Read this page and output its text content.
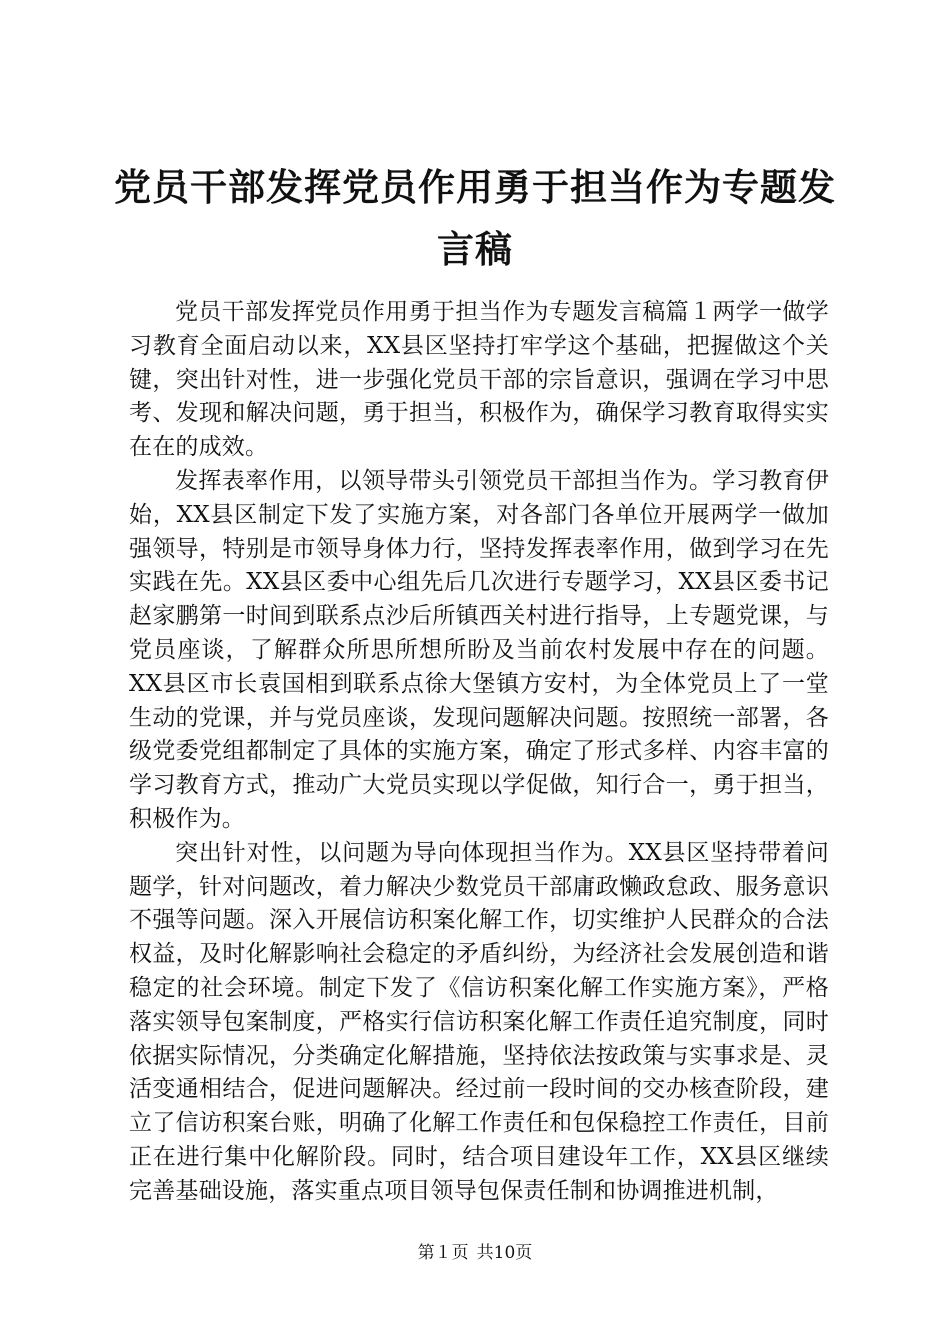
党员干部发挥党员作用勇于担当作为专题发言稿

党员干部发挥党员作用勇于担当作为专题发言稿篇１两学一做学习教育全面启动以来，XX县区坚持打牢学这个基础，把握做这个关键，突出针对性，进一步强化党员干部的宗旨意识，强调在学习中思考、发现和解决问题，勇于担当，积极作为，确保学习教育取得实实在在的成效。

发挥表率作用，以领导带头引领党员干部担当作为。学习教育伊始，XX县区制定下发了实施方案，对各部门各单位开展两学一做加强领导，特别是市领导身体力行，坚持发挥表率作用，做到学习在先实践在先。XX县区委中心组先后几次进行专题学习，XX县区委书记赵家鹏第一时间到联系点沙后所镇西关村进行指导，上专题党课，与党员座谈，了解群众所思所想所盼及当前农村发展中存在的问题。XX县区市长袁国相到联系点徐大堡镇方安村，为全体党员上了一堂生动的党课，并与党员座谈，发现问题解决问题。按照统一部署，各级党委党组都制定了具体的实施方案，确定了形式多样、内容丰富的学习教育方式，推动广大党员实现以学促做，知行合一，勇于担当，积极作为。

突出针对性，以问题为导向体现担当作为。XX县区坚持带着问题学，针对问题改，着力解决少数党员干部庸政懒政怠政、服务意识不强等问题。深入开展信访积案化解工作，切实维护人民群众的合法权益，及时化解影响社会稳定的矛盾纠纷，为经济社会发展创造和谐稳定的社会环境。制定下发了《信访积案化解工作实施方案》，严格落实领导包案制度，严格实行信访积案化解工作责任追究制度，同时依据实际情况，分类确定化解措施，坚持依法按政策与实事求是、灵活变通相结合，促进问题解决。经过前一段时间的交办核查阶段，建立了信访积案台账，明确了化解工作责任和包保稳控工作责任，目前正在进行集中化解阶段。同时，结合项目建设年工作，XX县区继续完善基础设施，落实重点项目领导包保责任制和协调推进机制，

第１页 共10页
